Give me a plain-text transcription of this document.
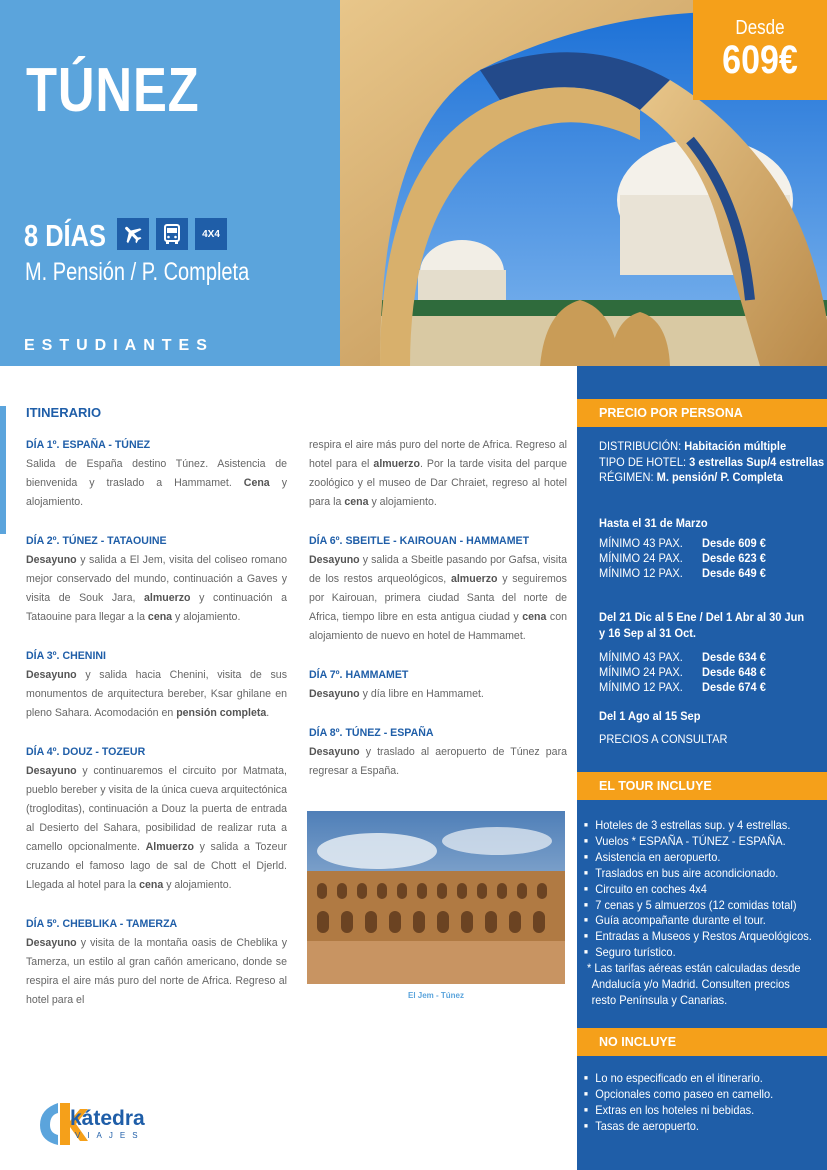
TÚNEZ
8 DÍAS	4X4
M. Pensión / P. Completa
ESTUDIANTES
Desde
609€
ITINERARIO

DÍA 1º. ESPAÑA - TÚNEZ

Salida de España destino Túnez. Asistencia de bienvenida y traslado a Hammamet. Cena y alojamiento.

DÍA 2º. TÚNEZ - TATAOUINE

Desayuno y salida a El Jem, visita del coliseo romano mejor conservado del mundo, continuación a Gaves y visita de Souk Jara, almuerzo y continuación a Tataouine para llegar a la cena y alojamiento.

DÍA 3º. CHENINI

Desayuno y salida hacia Chenini, visita de sus monumentos de arquitectura bereber, Ksar ghilane en pleno Sahara. Acomodación en pensión completa.

DÍA 4º. DOUZ - TOZEUR

Desayuno y continuaremos el circuito por Matmata, pueblo bereber y visita de la única cueva arquitectónica (trogloditas), continuación a Douz la puerta de entrada al Desierto del Sahara, posibilidad de realizar ruta a camello opcionalmente. Almuerzo y salida a Tozeur cruzando el famoso lago de sal de Chott el Djerld. Llegada al hotel para la cena y alojamiento.

DÍA 5º. CHEBLIKA - TAMERZA

Desayuno y visita de la montaña oasis de Cheblika y Tamerza, un estilo al gran cañón americano, donde se respira el aire más puro del norte de Africa. Regreso al hotel para el

respira el aire más puro del norte de Africa. Regreso al hotel para el almuerzo. Por la tarde visita del parque zoológico y el museo de Dar Chraiet, regreso al hotel para la cena y alojamiento.

DÍA 6º. SBEITLE - KAIROUAN - HAMMAMET

Desayuno y salida a Sbeitle pasando por Gafsa, visita de los restos arqueológicos, almuerzo y seguiremos por Kairouan, primera ciudad Santa del norte de Africa, tiempo libre en esta antigua ciudad y cena con alojamiento de nuevo en hotel de Hammamet.

DÍA 7º. HAMMAMET

Desayuno y día libre en Hammamet.

DÍA 8º. TÚNEZ - ESPAÑA

Desayuno y traslado al aeropuerto de Túnez para regresar a España.

El Jem - Túnez
PRECIO POR PERSONA
DISTRIBUCIÓN: Habitación múltiple
TIPO DE HOTEL: 3 estrellas Sup/4 estrellas
RÉGIMEN: M. pensión/ P. Completa
Hasta el 31 de Marzo
MÍNIMO 43 PAX.	Desde 609 €
MÍNIMO 24 PAX.	Desde 623 €
MÍNIMO 12 PAX.	Desde 649 €
Del 21 Dic al 5 Ene / Del 1 Abr al 30 Jun
y 16 Sep al 31 Oct.
MÍNIMO 43 PAX.	Desde 634 €
MÍNIMO 24 PAX.	Desde 648 €
MÍNIMO 12 PAX.	Desde 674 €
Del 1 Ago al 15 Sep
PRECIOS A CONSULTAR
EL TOUR INCLUYE
■ Hoteles de 3 estrellas sup. y 4 estrellas.
■ Vuelos * ESPAÑA - TÚNEZ - ESPAÑA.
■ Asistencia en aeropuerto.
■ Traslados en bus aire acondicionado.
■ Circuito en coches 4x4
■ 7 cenas y 5 almuerzos (12 comidas total)
■ Guía acompañante durante el tour.
■ Entradas a Museos y Restos Arqueológicos.
■ Seguro turístico.
* Las tarifas aéreas están calculadas desde
Andalucía y/o Madrid. Consulten precios
resto Península y Canarias.
NO INCLUYE
■ Lo no especificado en el itinerario.
■ Opcionales como paseo en camello.
■ Extras en los hoteles ni bebidas.
■ Tasas de aeropuerto.
kátedra
VIAJES
